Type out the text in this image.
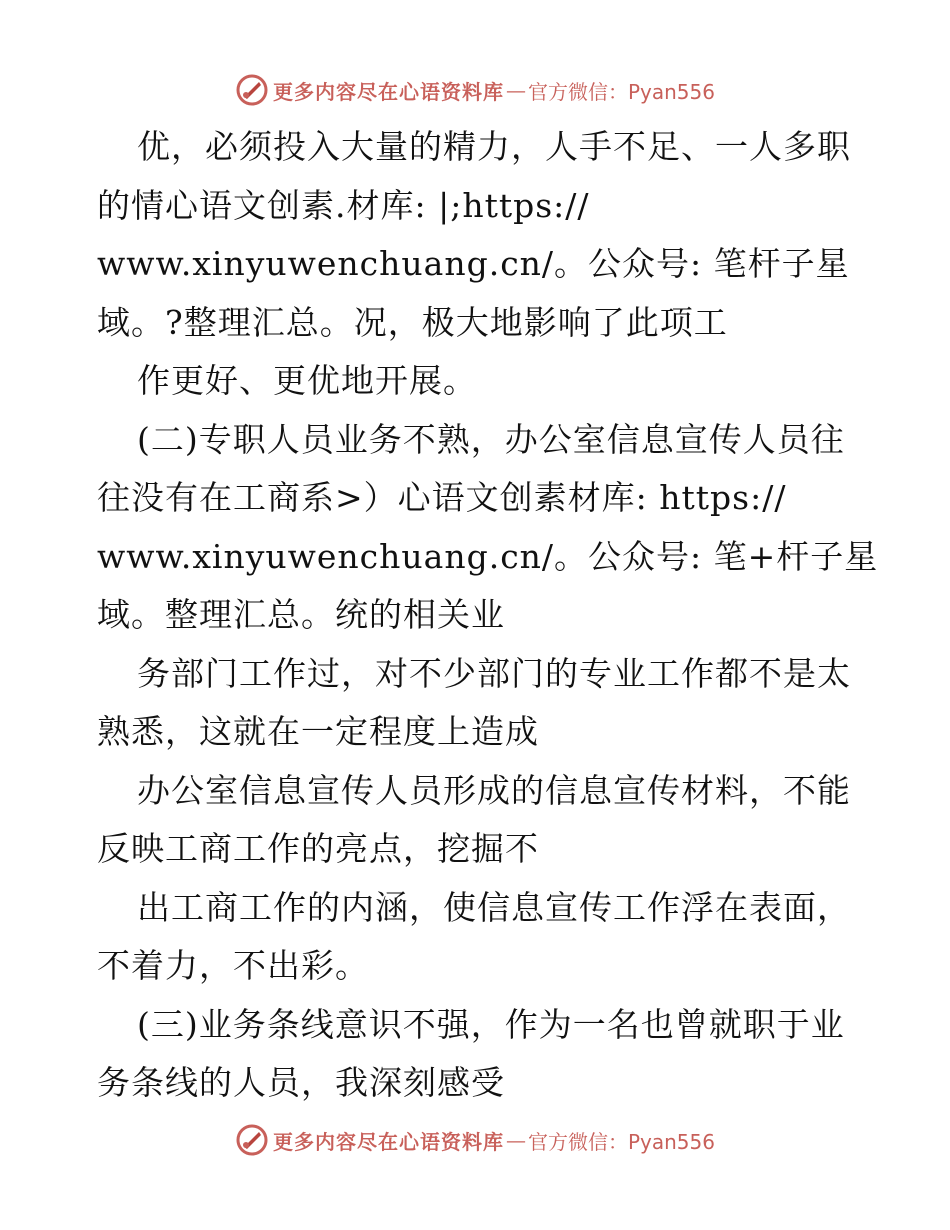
更多内容尽在心语资料库 — 官方微信：Pyan556
优，必须投入大量的精力，人手不足、一人多职
的情心语文创素.材库: |;https://
www.xinyuwenchuang.cn/。公众号: 笔杆子星
域。?整理汇总。况，极大地影响了此项工
作更好、更优地开展。
(二)专职人员业务不熟，办公室信息宣传人员往
往没有在工商系>）心语文创素材库: https://
www.xinyuwenchuang.cn/。公众号: 笔+杆子星
域。整理汇总。统的相关业
务部门工作过，对不少部门的专业工作都不是太
熟悉，这就在一定程度上造成
办公室信息宣传人员形成的信息宣传材料，不能
反映工商工作的亮点，挖掘不
出工商工作的内涵，使信息宣传工作浮在表面，
不着力，不出彩。
(三)业务条线意识不强，作为一名也曾就职于业
务条线的人员，我深刻感受
更多内容尽在心语资料库 — 官方微信：Pyan556
